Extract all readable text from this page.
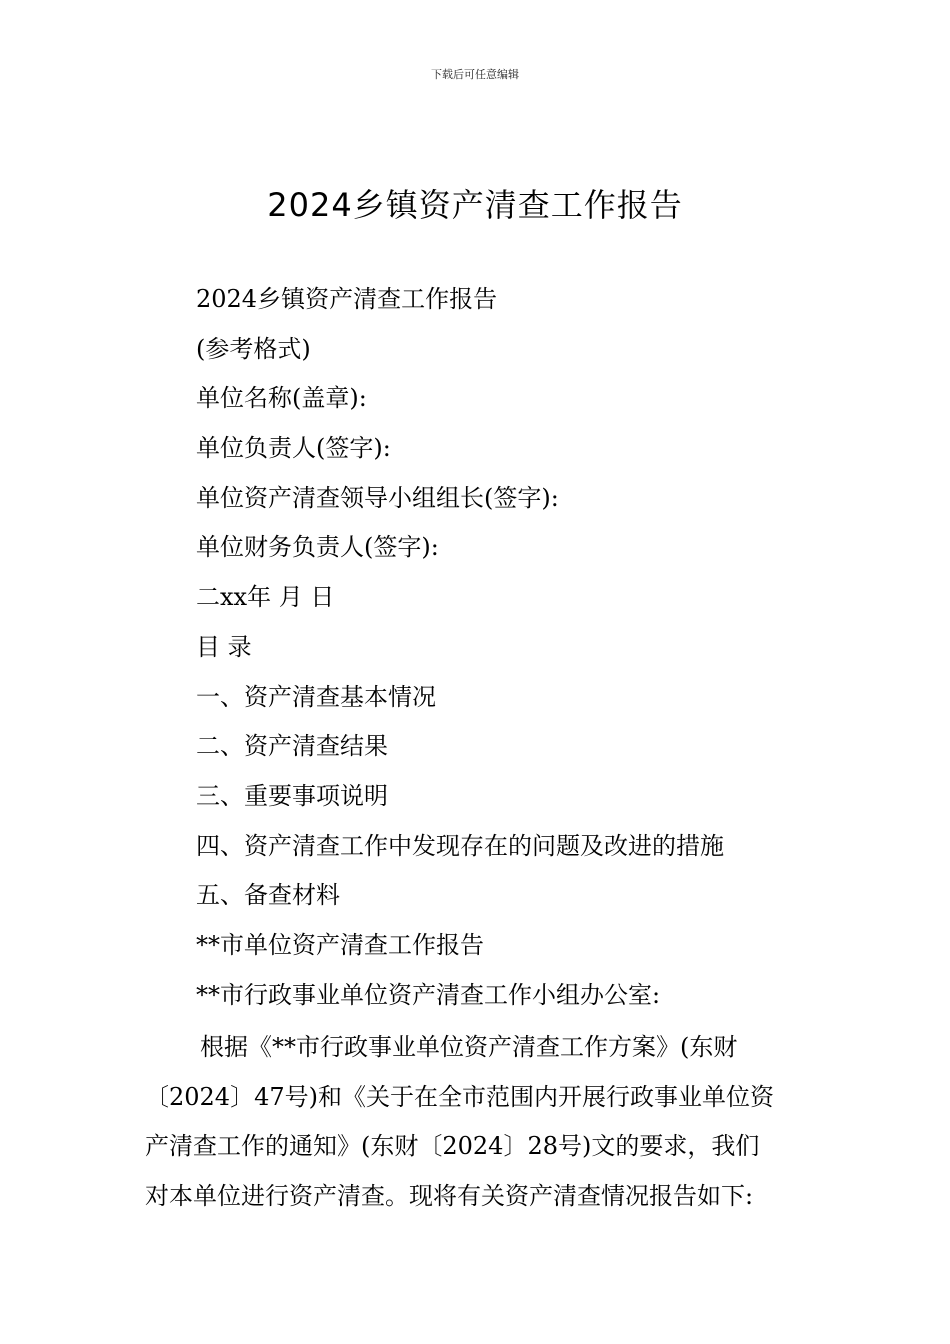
下载后可任意编辑
2024乡镇资产清查工作报告
2024乡镇资产清查工作报告
(参考格式)
单位名称(盖章):
单位负责人(签字):
单位资产清查领导小组组长(签字):
单位财务负责人(签字):
二xx年 月 日
目 录
一、资产清查基本情况
二、资产清查结果
三、重要事项说明
四、资产清查工作中发现存在的问题及改进的措施
五、备查材料
**市单位资产清查工作报告
**市行政事业单位资产清查工作小组办公室:
根据《**市行政事业单位资产清查工作方案》(东财
〔2024〕47号)和《关于在全市范围内开展行政事业单位资
产清查工作的通知》(东财〔2024〕28号)文的要求，我们
对本单位进行资产清查。现将有关资产清查情况报告如下:
